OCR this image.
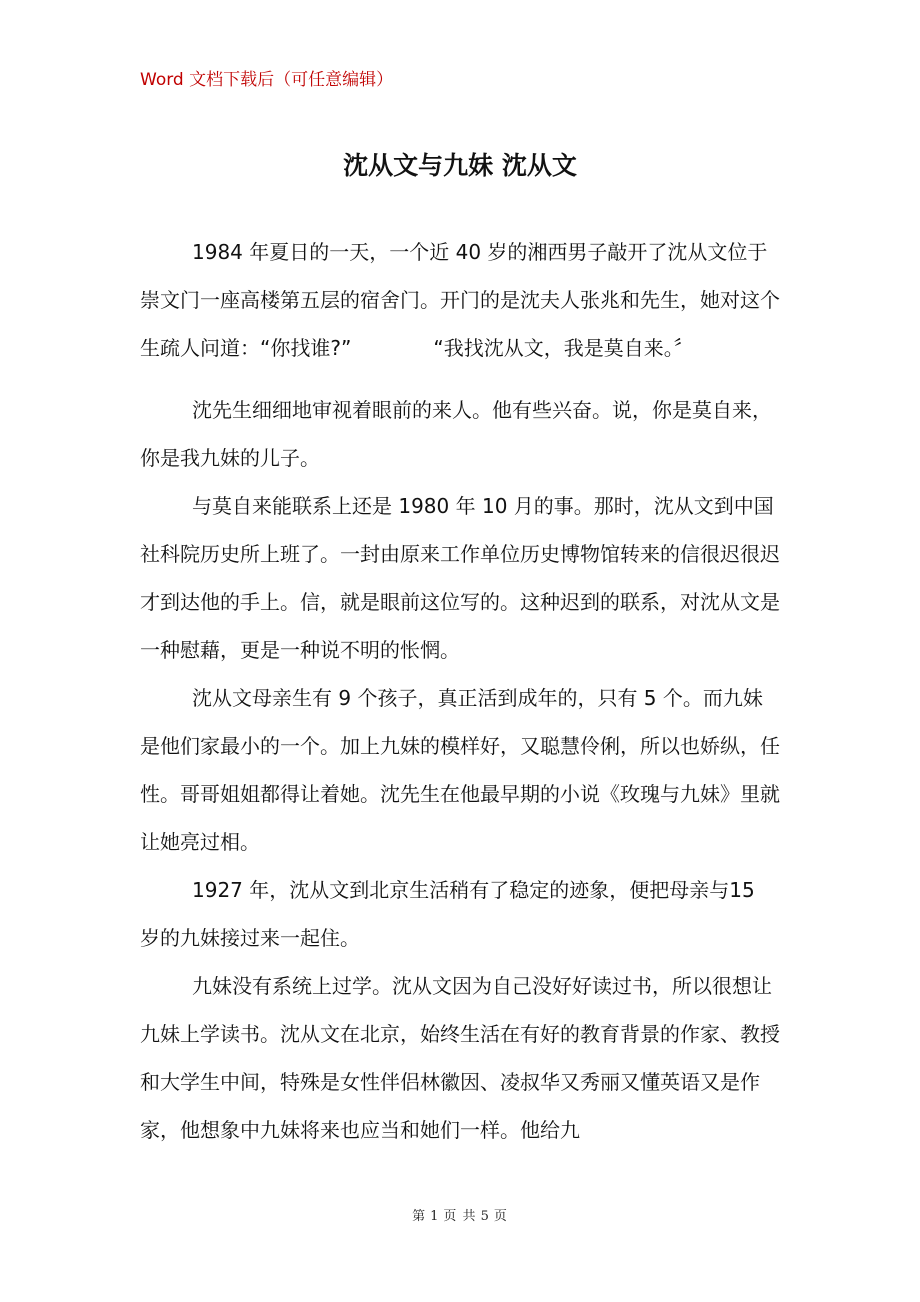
Word 文档下载后（可任意编辑）
沈从文与九妹 沈从文

1984 年夏日的一天，一个近 40 岁的湘西男子敲开了沈从文位于崇文门一座高楼第五层的宿舍门。开门的是沈夫人张兆和先生，她对这个生疏人问道：“你找谁?”	“我找沈从文，我是莫自来。〞

沈先生细细地审视着眼前的来人。他有些兴奋。说，你是莫自来，你是我九妹的儿子。

与莫自来能联系上还是 1980 年 10 月的事。那时，沈从文到中国社科院历史所上班了。一封由原来工作单位历史博物馆转来的信很迟很迟才到达他的手上。信，就是眼前这位写的。这种迟到的联系，对沈从文是一种慰藉，更是一种说不明的怅惘。

沈从文母亲生有 9 个孩子，真正活到成年的，只有 5 个。而九妹是他们家最小的一个。加上九妹的模样好，又聪慧伶俐，所以也娇纵，任性。哥哥姐姐都得让着她。沈先生在他最早期的小说《玫瑰与九妹》里就让她亮过相。

1927 年，沈从文到北京生活稍有了稳定的迹象，便把母亲与15 岁的九妹接过来一起住。

九妹没有系统上过学。沈从文因为自己没好好读过书，所以很想让九妹上学读书。沈从文在北京，始终生活在有好的教育背景的作家、教授和大学生中间，特殊是女性伴侣林徽因、凌叔华又秀丽又懂英语又是作家，他想象中九妹将来也应当和她们一样。他给九

第 1 页 共 5 页
